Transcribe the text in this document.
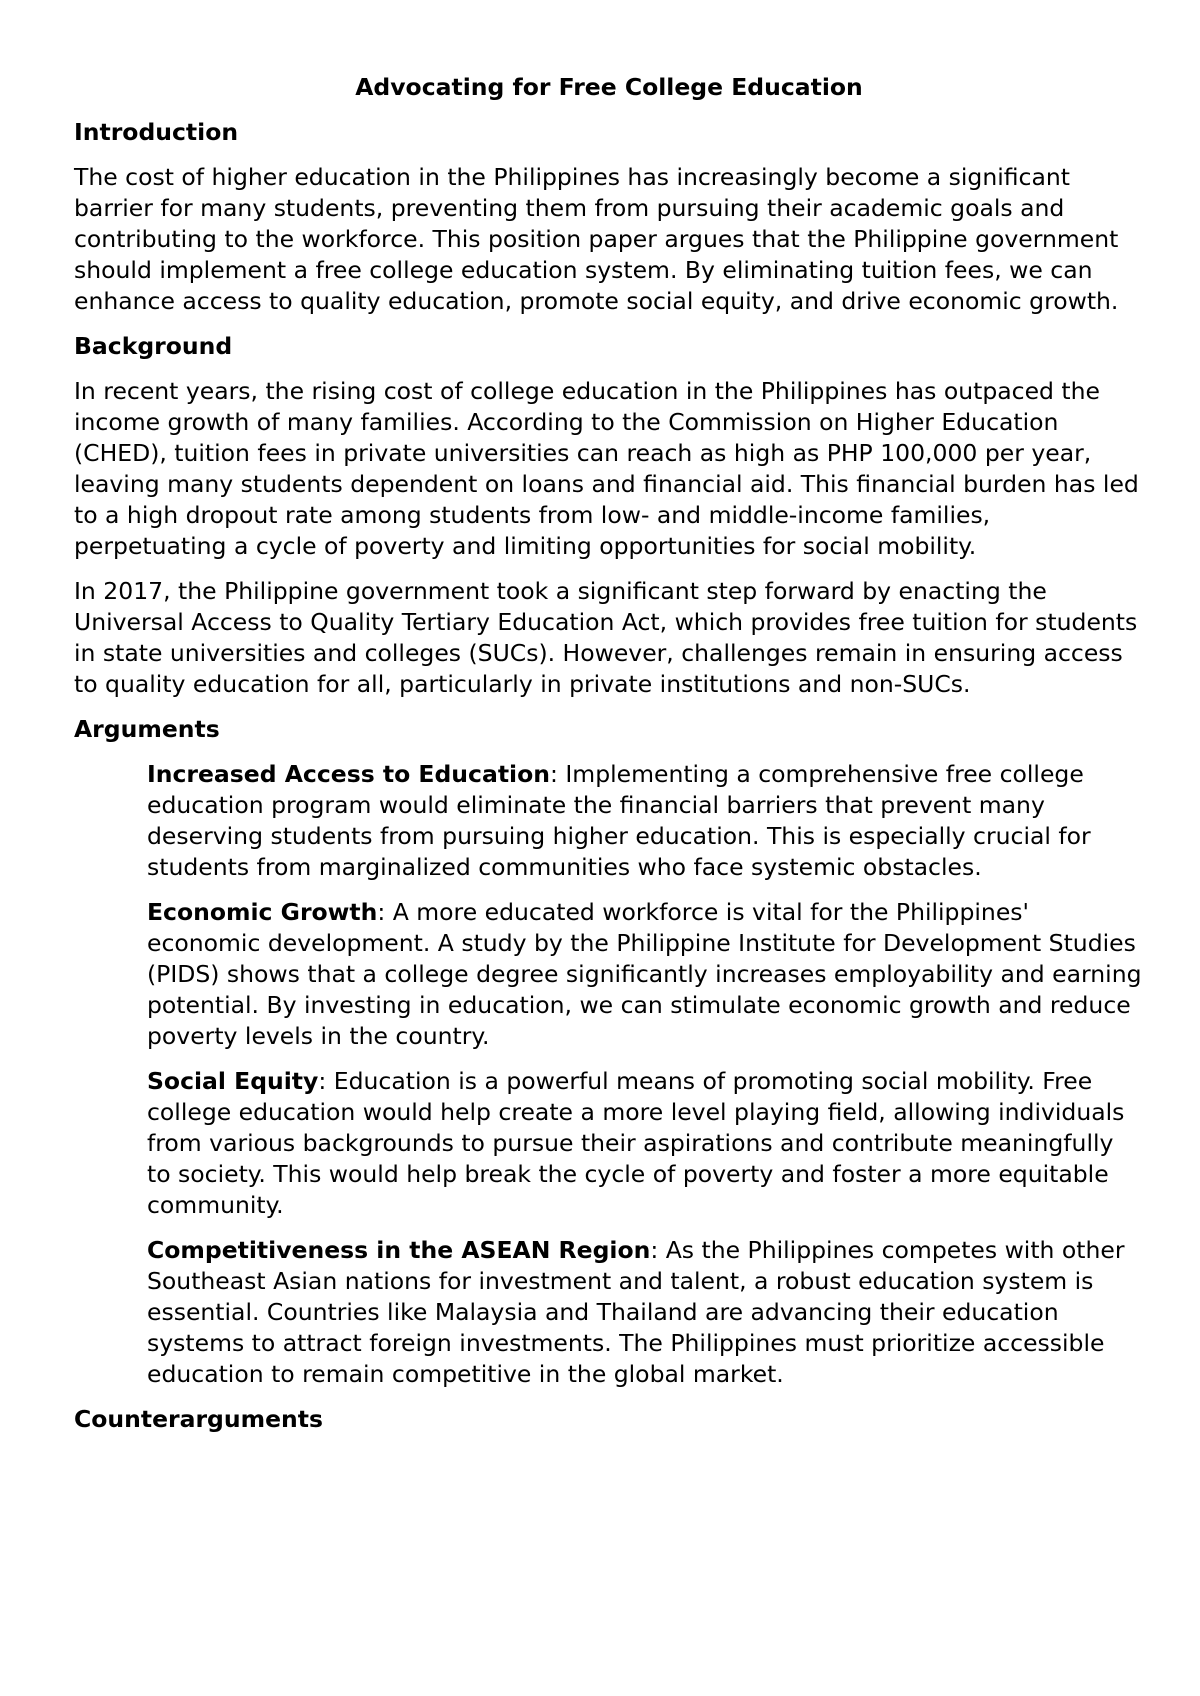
Advocating for Free College Education
Introduction

The cost of higher education in the Philippines has increasingly become a significant barrier for many students, preventing them from pursuing their academic goals and contributing to the workforce. This position paper argues that the Philippine government should implement a free college education system. By eliminating tuition fees, we can enhance access to quality education, promote social equity, and drive economic growth.

Background

In recent years, the rising cost of college education in the Philippines has outpaced the income growth of many families. According to the Commission on Higher Education (CHED), tuition fees in private universities can reach as high as PHP 100,000 per year, leaving many students dependent on loans and financial aid. This financial burden has led to a high dropout rate among students from low- and middle-income families, perpetuating a cycle of poverty and limiting opportunities for social mobility.

In 2017, the Philippine government took a significant step forward by enacting the Universal Access to Quality Tertiary Education Act, which provides free tuition for students in state universities and colleges (SUCs). However, challenges remain in ensuring access to quality education for all, particularly in private institutions and non-SUCs.

Arguments

Increased Access to Education: Implementing a comprehensive free college education program would eliminate the financial barriers that prevent many deserving students from pursuing higher education. This is especially crucial for students from marginalized communities who face systemic obstacles.

Economic Growth: A more educated workforce is vital for the Philippines' economic development. A study by the Philippine Institute for Development Studies (PIDS) shows that a college degree significantly increases employability and earning potential. By investing in education, we can stimulate economic growth and reduce poverty levels in the country.

Social Equity: Education is a powerful means of promoting social mobility. Free college education would help create a more level playing field, allowing individuals from various backgrounds to pursue their aspirations and contribute meaningfully to society. This would help break the cycle of poverty and foster a more equitable community.

Competitiveness in the ASEAN Region: As the Philippines competes with other Southeast Asian nations for investment and talent, a robust education system is essential. Countries like Malaysia and Thailand are advancing their education systems to attract foreign investments. The Philippines must prioritize accessible education to remain competitive in the global market.

Counterarguments
